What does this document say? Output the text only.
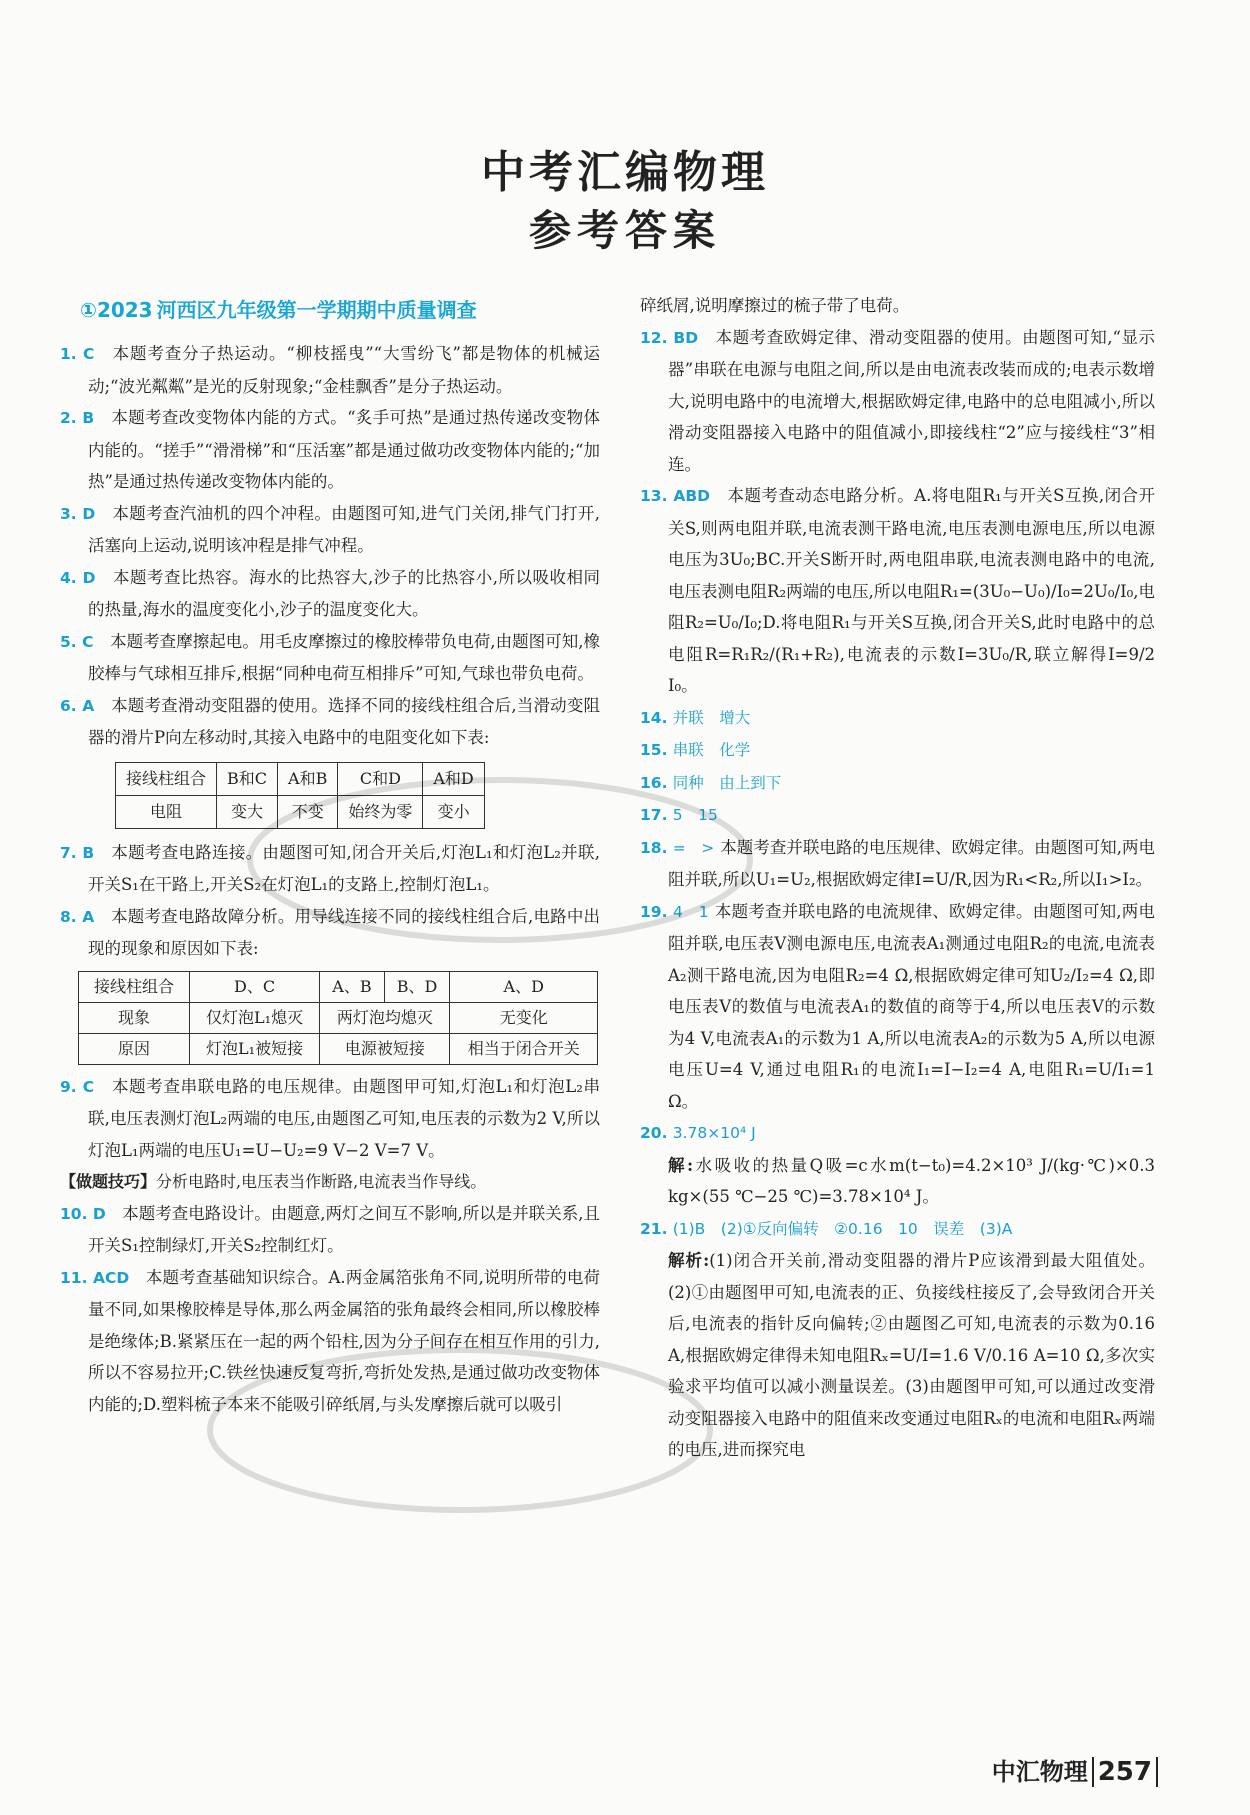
中考汇编物理
参考答案
①2023 河西区九年级第一学期期中质量调查

1. C　 本题考查分子热运动。“柳枝摇曳”“大雪纷飞”都是物体的机械运动;“波光粼粼”是光的反射现象;“金桂飘香”是分子热运动。

2. B　 本题考查改变物体内能的方式。“炙手可热”是通过热传递改变物体内能的。“搓手”“滑滑梯”和“压活塞”都是通过做功改变物体内能的;“加热”是通过热传递改变物体内能的。

3. D　 本题考查汽油机的四个冲程。由题图可知,进气门关闭,排气门打开,活塞向上运动,说明该冲程是排气冲程。

4. D　 本题考查比热容。海水的比热容大,沙子的比热容小,所以吸收相同的热量,海水的温度变化小,沙子的温度变化大。

5. C　 本题考查摩擦起电。用毛皮摩擦过的橡胶棒带负电荷,由题图可知,橡胶棒与气球相互排斥,根据“同种电荷互相排斥”可知,气球也带负电荷。

6. A　 本题考查滑动变阻器的使用。选择不同的接线柱组合后,当滑动变阻器的滑片P向左移动时,其接入电路中的电阻变化如下表:

接线柱组合	B和C	A和B	C和D	A和D
电阻	变大	不变	始终为零	变小

7. B　 本题考查电路连接。由题图可知,闭合开关后,灯泡L₁和灯泡L₂并联,开关S₁在干路上,开关S₂在灯泡L₁的支路上,控制灯泡L₁。

8. A　 本题考查电路故障分析。用导线连接不同的接线柱组合后,电路中出现的现象和原因如下表:

接线柱组合	D、C	A、B	B、D	A、D
现象	仅灯泡L₁熄灭	两灯泡均熄灭		无变化
原因	灯泡L₁被短接	电源被短接		相当于闭合开关

9. C　 本题考查串联电路的电压规律。由题图甲可知,灯泡L₁和灯泡L₂串联,电压表测灯泡L₂两端的电压,由题图乙可知,电压表的示数为2 V,所以灯泡L₁两端的电压U₁=U−U₂=9 V−2 V=7 V。

【做题技巧】分析电路时,电压表当作断路,电流表当作导线。

10. D　 本题考查电路设计。由题意,两灯之间互不影响,所以是并联关系,且开关S₁控制绿灯,开关S₂控制红灯。

11. ACD　 本题考查基础知识综合。A.两金属箔张角不同,说明所带的电荷量不同,如果橡胶棒是导体,那么两金属箔的张角最终会相同,所以橡胶棒是绝缘体;B.紧紧压在一起的两个铅柱,因为分子间存在相互作用的引力,所以不容易拉开;C.铁丝快速反复弯折,弯折处发热,是通过做功改变物体内能的;D.塑料梳子本来不能吸引碎纸屑,与头发摩擦后就可以吸引

碎纸屑,说明摩擦过的梳子带了电荷。

12. BD　 本题考查欧姆定律、滑动变阻器的使用。由题图可知,“显示器”串联在电源与电阻之间,所以是由电流表改装而成的;电表示数增大,说明电路中的电流增大,根据欧姆定律,电路中的总电阻减小,所以滑动变阻器接入电路中的阻值减小,即接线柱“2”应与接线柱“3”相连。

13. ABD　 本题考查动态电路分析。A.将电阻R₁与开关S互换,闭合开关S,则两电阻并联,电流表测干路电流,电压表测电源电压,所以电源电压为3U₀;BC.开关S断开时,两电阻串联,电流表测电路中的电流,电压表测电阻R₂两端的电压,所以电阻R₁=(3U₀−U₀)/I₀=2U₀/I₀,电阻R₂=U₀/I₀;D.将电阻R₁与开关S互换,闭合开关S,此时电路中的总电阻R=R₁R₂/(R₁+R₂),电流表的示数I=3U₀/R,联立解得I=9/2 I₀。

14. 并联　增大

15. 串联　化学

16. 同种　由上到下

17. 5　15

18. =　> 本题考查并联电路的电压规律、欧姆定律。由题图可知,两电阻并联,所以U₁=U₂,根据欧姆定律I=U/R,因为R₁<R₂,所以I₁>I₂。

19. 4　1 本题考查并联电路的电流规律、欧姆定律。由题图可知,两电阻并联,电压表V测电源电压,电流表A₁测通过电阻R₂的电流,电流表A₂测干路电流,因为电阻R₂=4 Ω,根据欧姆定律可知U₂/I₂=4 Ω,即电压表V的数值与电流表A₁的数值的商等于4,所以电压表V的示数为4 V,电流表A₁的示数为1 A,所以电流表A₂的示数为5 A,所以电源电压U=4 V,通过电阻R₁的电流I₁=I−I₂=4 A,电阻R₁=U/I₁=1 Ω。

20. 3.78×10⁴ J

解:水吸收的热量Q吸=c水m(t−t₀)=4.2×10³ J/(kg·℃)×0.3 kg×(55 ℃−25 ℃)=3.78×10⁴ J。

21. (1)B　(2)①反向偏转　②0.16　10　误差　(3)A

解析:(1)闭合开关前,滑动变阻器的滑片P应该滑到最大阻值处。(2)①由题图甲可知,电流表的正、负接线柱接反了,会导致闭合开关后,电流表的指针反向偏转;②由题图乙可知,电流表的示数为0.16 A,根据欧姆定律得未知电阻Rₓ=U/I=1.6 V/0.16 A=10 Ω,多次实验求平均值可以减小测量误差。(3)由题图甲可知,可以通过改变滑动变阻器接入电路中的阻值来改变通过电阻Rₓ的电流和电阻Rₓ两端的电压,进而探究电

中汇物理 257
